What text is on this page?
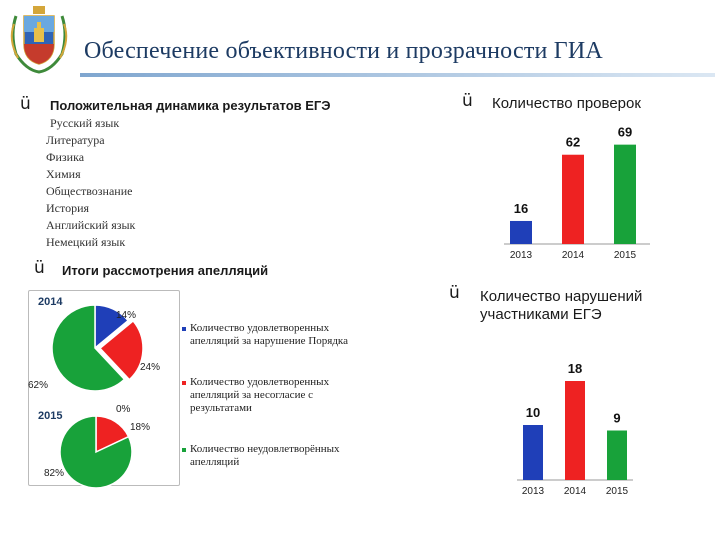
Обеспечение объективности и прозрачности ГИА
ü Положительная динамика результатов ЕГЭ
Русский язык
Литература
Физика
Химия
Обществознание
История
Английский язык
Немецкий язык
ü Итоги рассмотрения апелляций
2014
2015
14%
24%
62%
0%
18%
82%
Количество удовлетворенных апелляций за нарушение Порядка
Количество удовлетворенных апелляций за несогласие с результатами
Количество неудовлетворённых апелляций
ü Количество проверок
16
2013
62
2014
69
2015
ü Количество нарушений
участниками ЕГЭ
10
2013
18
2014
9
2015
